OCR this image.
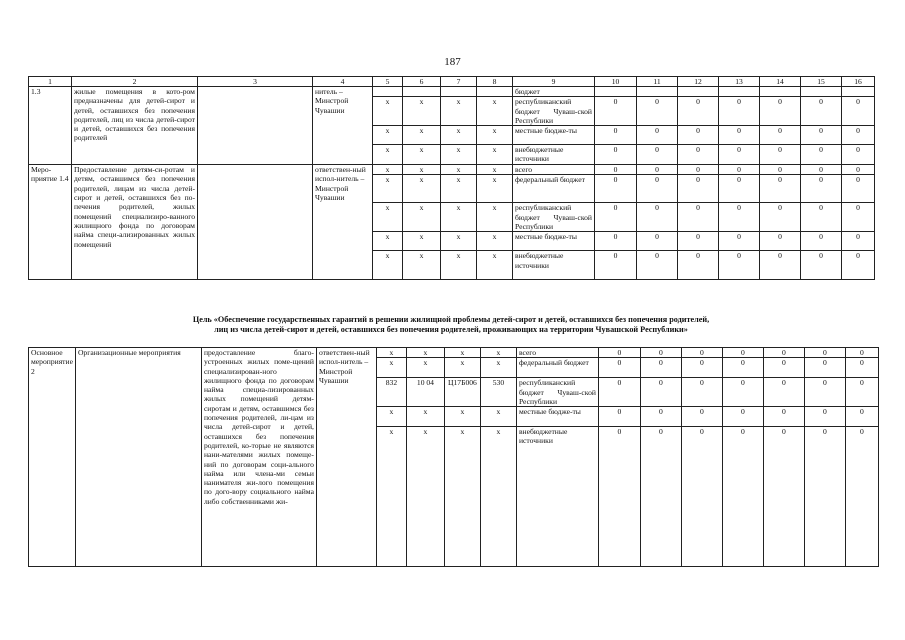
187
1	2	3	4	5	6	7	8	9	10	11	12	13	14	15	16
1.3	жилые помещения в кото-ром предназначены для детей-сирот и детей, оставшихся без попечения родителей, лиц из числа детей-сирот и детей, оставшихся без попечения родителей		нитель – Минстрой Чувашии					бюджет							
				х	х	х	х	республиканский бюджет Чуваш-ской Республики	0	0	0	0	0	0	0
				х	х	х	х	местные бюдже-ты	0	0	0	0	0	0	0
				х	х	х	х	внебюджетные источники	0	0	0	0	0	0	0
Меро-приятие 1.4	Предоставление детям-си-ротам и детям, оставшимся без попечения родителей, лицам из числа детей-сирот и детей, оставшихся без по-печения родителей, жилых помещений специализиро-ванного жилищного фонда по договорам найма специ-ализированных жилых помещений		ответствен-ный испол-нитель – Минстрой Чувашии	х	х	х	х	всего	0	0	0	0	0	0	0
				х	х	х	х	федеральный бюджет	0	0	0	0	0	0	0
				х	х	х	х	республиканский бюджет Чуваш-ской Республики	0	0	0	0	0	0	0
				х	х	х	х	местные бюдже-ты	0	0	0	0	0	0	0
				х	х	х	х	внебюджетные источники	0	0	0	0	0	0	0
Цель «Обеспечение государственных гарантий в решении жилищной проблемы детей-сирот и детей, оставшихся без попечения родителей,
лиц из числа детей-сирот и детей, оставшихся без попечения родителей, проживающих на территории Чувашской Республики»
Основное мероприятие 2	Организационные мероприятия	предоставление благо-устроенных жилых поме-щений специализирован-ного жилищного фонда по договорам найма специа-лизированных жилых помещений детям-сиротам и детям, оставшимся без попечения родителей, ли-цам из числа детей-сирот и детей, оставшихся без попечения родителей, ко-торые не являются нани-мателями жилых помеще-ний по договорам соци-ального найма или члена-ми семьи нанимателя жи-лого помещения по дого-вору социального найма либо собственниками жи-	ответствен-ный испол-нитель – Минстрой Чувашии	х	х	х	х	всего	0	0	0	0	0	0	0
				х	х	х	х	федеральный бюджет	0	0	0	0	0	0	0
				832	10 04	Ц17Б006	530	республиканский бюджет Чуваш-ской Республики	0	0	0	0	0	0	0
				х	х	х	х	местные бюдже-ты	0	0	0	0	0	0	0
				х	х	х	х	внебюджетные источники	0	0	0	0	0	0	0
